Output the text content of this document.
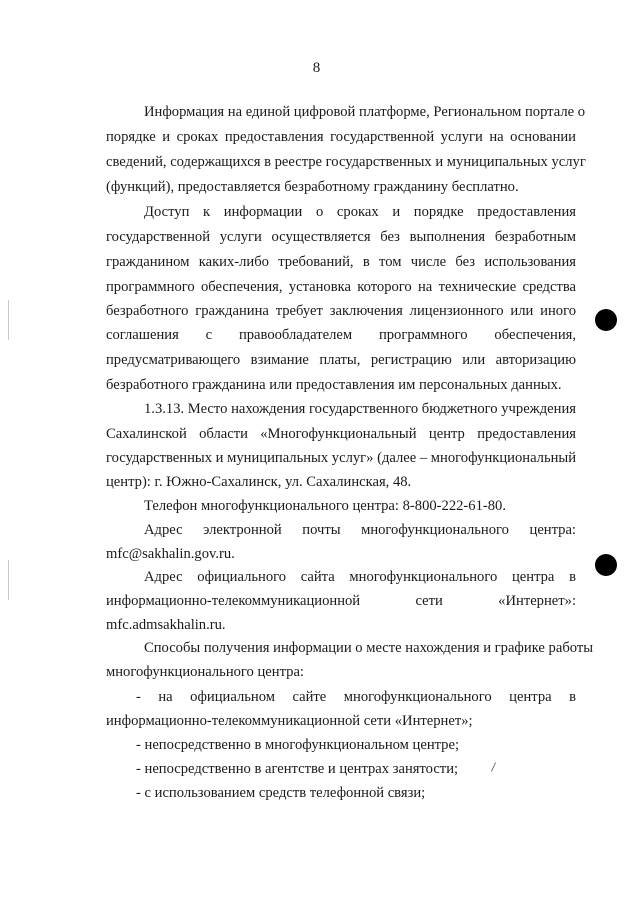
8
Информация на единой цифровой платформе, Региональном портале о
порядке и сроках предоставления государственной услуги на основании
сведений, содержащихся в реестре государственных и муниципальных услуг
(функций), предоставляется безработному гражданину бесплатно.
Доступ к информации о сроках и порядке предоставления
государственной услуги осуществляется без выполнения безработным
гражданином каких-либо требований, в том числе без использования
программного обеспечения, установка которого на технические средства
безработного гражданина требует заключения лицензионного или иного
соглашения с правообладателем программного обеспечения,
предусматривающего взимание платы, регистрацию или авторизацию
безработного гражданина или предоставления им персональных данных.
1.3.13. Место нахождения государственного бюджетного учреждения
Сахалинской области «Многофункциональный центр предоставления
государственных и муниципальных услуг» (далее – многофункциональный
центр): г. Южно-Сахалинск, ул. Сахалинская, 48.
Телефон многофункционального центра: 8-800-222-61-80.
Адрес электронной почты многофункционального центра:
mfc@sakhalin.gov.ru.
Адрес официального сайта многофункционального центра в
информационно-телекоммуникационной сети «Интернет»:
mfc.admsakhalin.ru.
Способы получения информации о месте нахождения и графике работы
многофункционального центра:
- на официальном сайте многофункционального центра в
информационно-телекоммуникационной сети «Интернет»;
- непосредственно в многофункциональном центре;
- непосредственно в агентстве и центрах занятости;
- с использованием средств телефонной связи;
